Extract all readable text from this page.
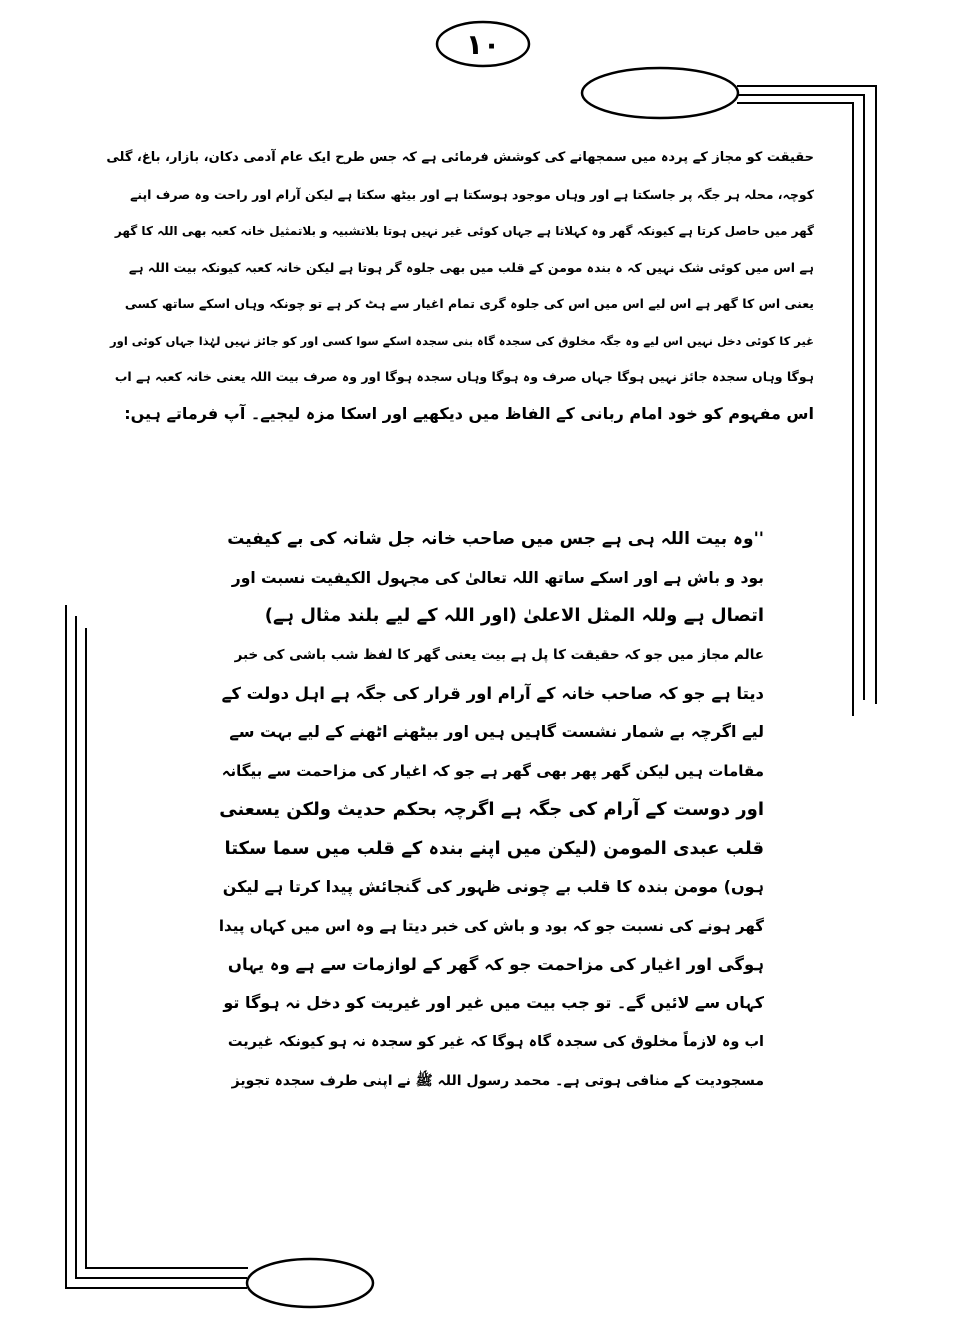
۱۰
حقیقت کو مجاز کے پردہ میں سمجھانے کی کوشش فرمائی ہے کہ جس طرح ایک عام آدمی دکان، بازار، باغ، گلی
کوچہ، محلہ ہر جگہ پر جاسکتا ہے اور وہاں موجود ہوسکتا ہے اور بیٹھ سکتا ہے لیکن آرام اور راحت وہ صرف اپنے
گھر میں حاصل کرتا ہے کیونکہ گھر وہ کہلاتا ہے جہاں کوئی غیر نہیں ہوتا بلاتشبیہ و بلاتمثیل خانہ کعبہ بھی اللہ کا گھر
ہے اس میں کوئی شک نہیں کہ ہ بندہ مومن کے قلب میں بھی جلوہ گر ہوتا ہے لیکن خانہ کعبہ کیونکہ بیت اللہ ہے
یعنی اس کا گھر ہے اس لیے اس میں اس کی جلوہ گری تمام اغیار سے ہٹ کر ہے تو چونکہ وہاں اسکے ساتھ کسی
غیر کا کوئی دخل نہیں اس لیے وہ جگہ مخلوق کی سجدہ گاہ بنی سجدہ اسکے سوا کسی اور کو جائز نہیں لہٰذا جہاں کوئی اور
ہوگا وہاں سجدہ جائز نہیں ہوگا جہاں صرف وہ ہوگا وہاں سجدہ ہوگا اور وہ صرف بیت اللہ یعنی خانہ کعبہ ہے اب
اس مفہوم کو خود امام ربانی کے الفاظ میں دیکھیے اور اسکا مزہ لیجیے۔ آپ فرماتے ہیں:
''وہ بیت اللہ ہی ہے جس میں صاحب خانہ جل شانہ کی بے کیفیت
بود و باش ہے اور اسکے ساتھ اللہ تعالیٰ کی مجہول الکیفیت نسبت اور
اتصال ہے وللہ المثل الاعلیٰ (اور اللہ کے لیے بلند مثال ہے)
عالم مجاز میں جو کہ حقیقت کا پل ہے بیت یعنی گھر کا لفظ شب باشی کی خبر
دیتا ہے جو کہ صاحب خانہ کے آرام اور قرار کی جگہ ہے اہل دولت کے
لیے اگرچہ بے شمار نشست گاہیں ہیں اور بیٹھنے اٹھنے کے لیے بہت سے
مقامات ہیں لیکن گھر پھر بھی گھر ہے جو کہ اغیار کی مزاحمت سے بیگانہ
اور دوست کے آرام کی جگہ ہے اگرچہ بحکم حدیث ولکن یسعنی
قلب عبدی المومن (لیکن میں اپنے بندہ کے قلب میں سما سکتا
ہوں) مومن بندہ کا قلب بے چونی ظہور کی گنجائش پیدا کرتا ہے لیکن
گھر ہونے کی نسبت جو کہ بود و باش کی خبر دیتا ہے وہ اس میں کہاں پیدا
ہوگی اور اغیار کی مزاحمت جو کہ گھر کے لوازمات سے ہے وہ یہاں
کہاں سے لائیں گے۔ تو جب بیت میں غیر اور غیریت کو دخل نہ ہوگا تو
اب وہ لازماً مخلوق کی سجدہ گاہ ہوگا کہ غیر کو سجدہ نہ ہو کیونکہ غیریت
مسجودیت کے منافی ہوتی ہے۔ محمد رسول اللہ ﷺ نے اپنی طرف سجدہ تجویز
